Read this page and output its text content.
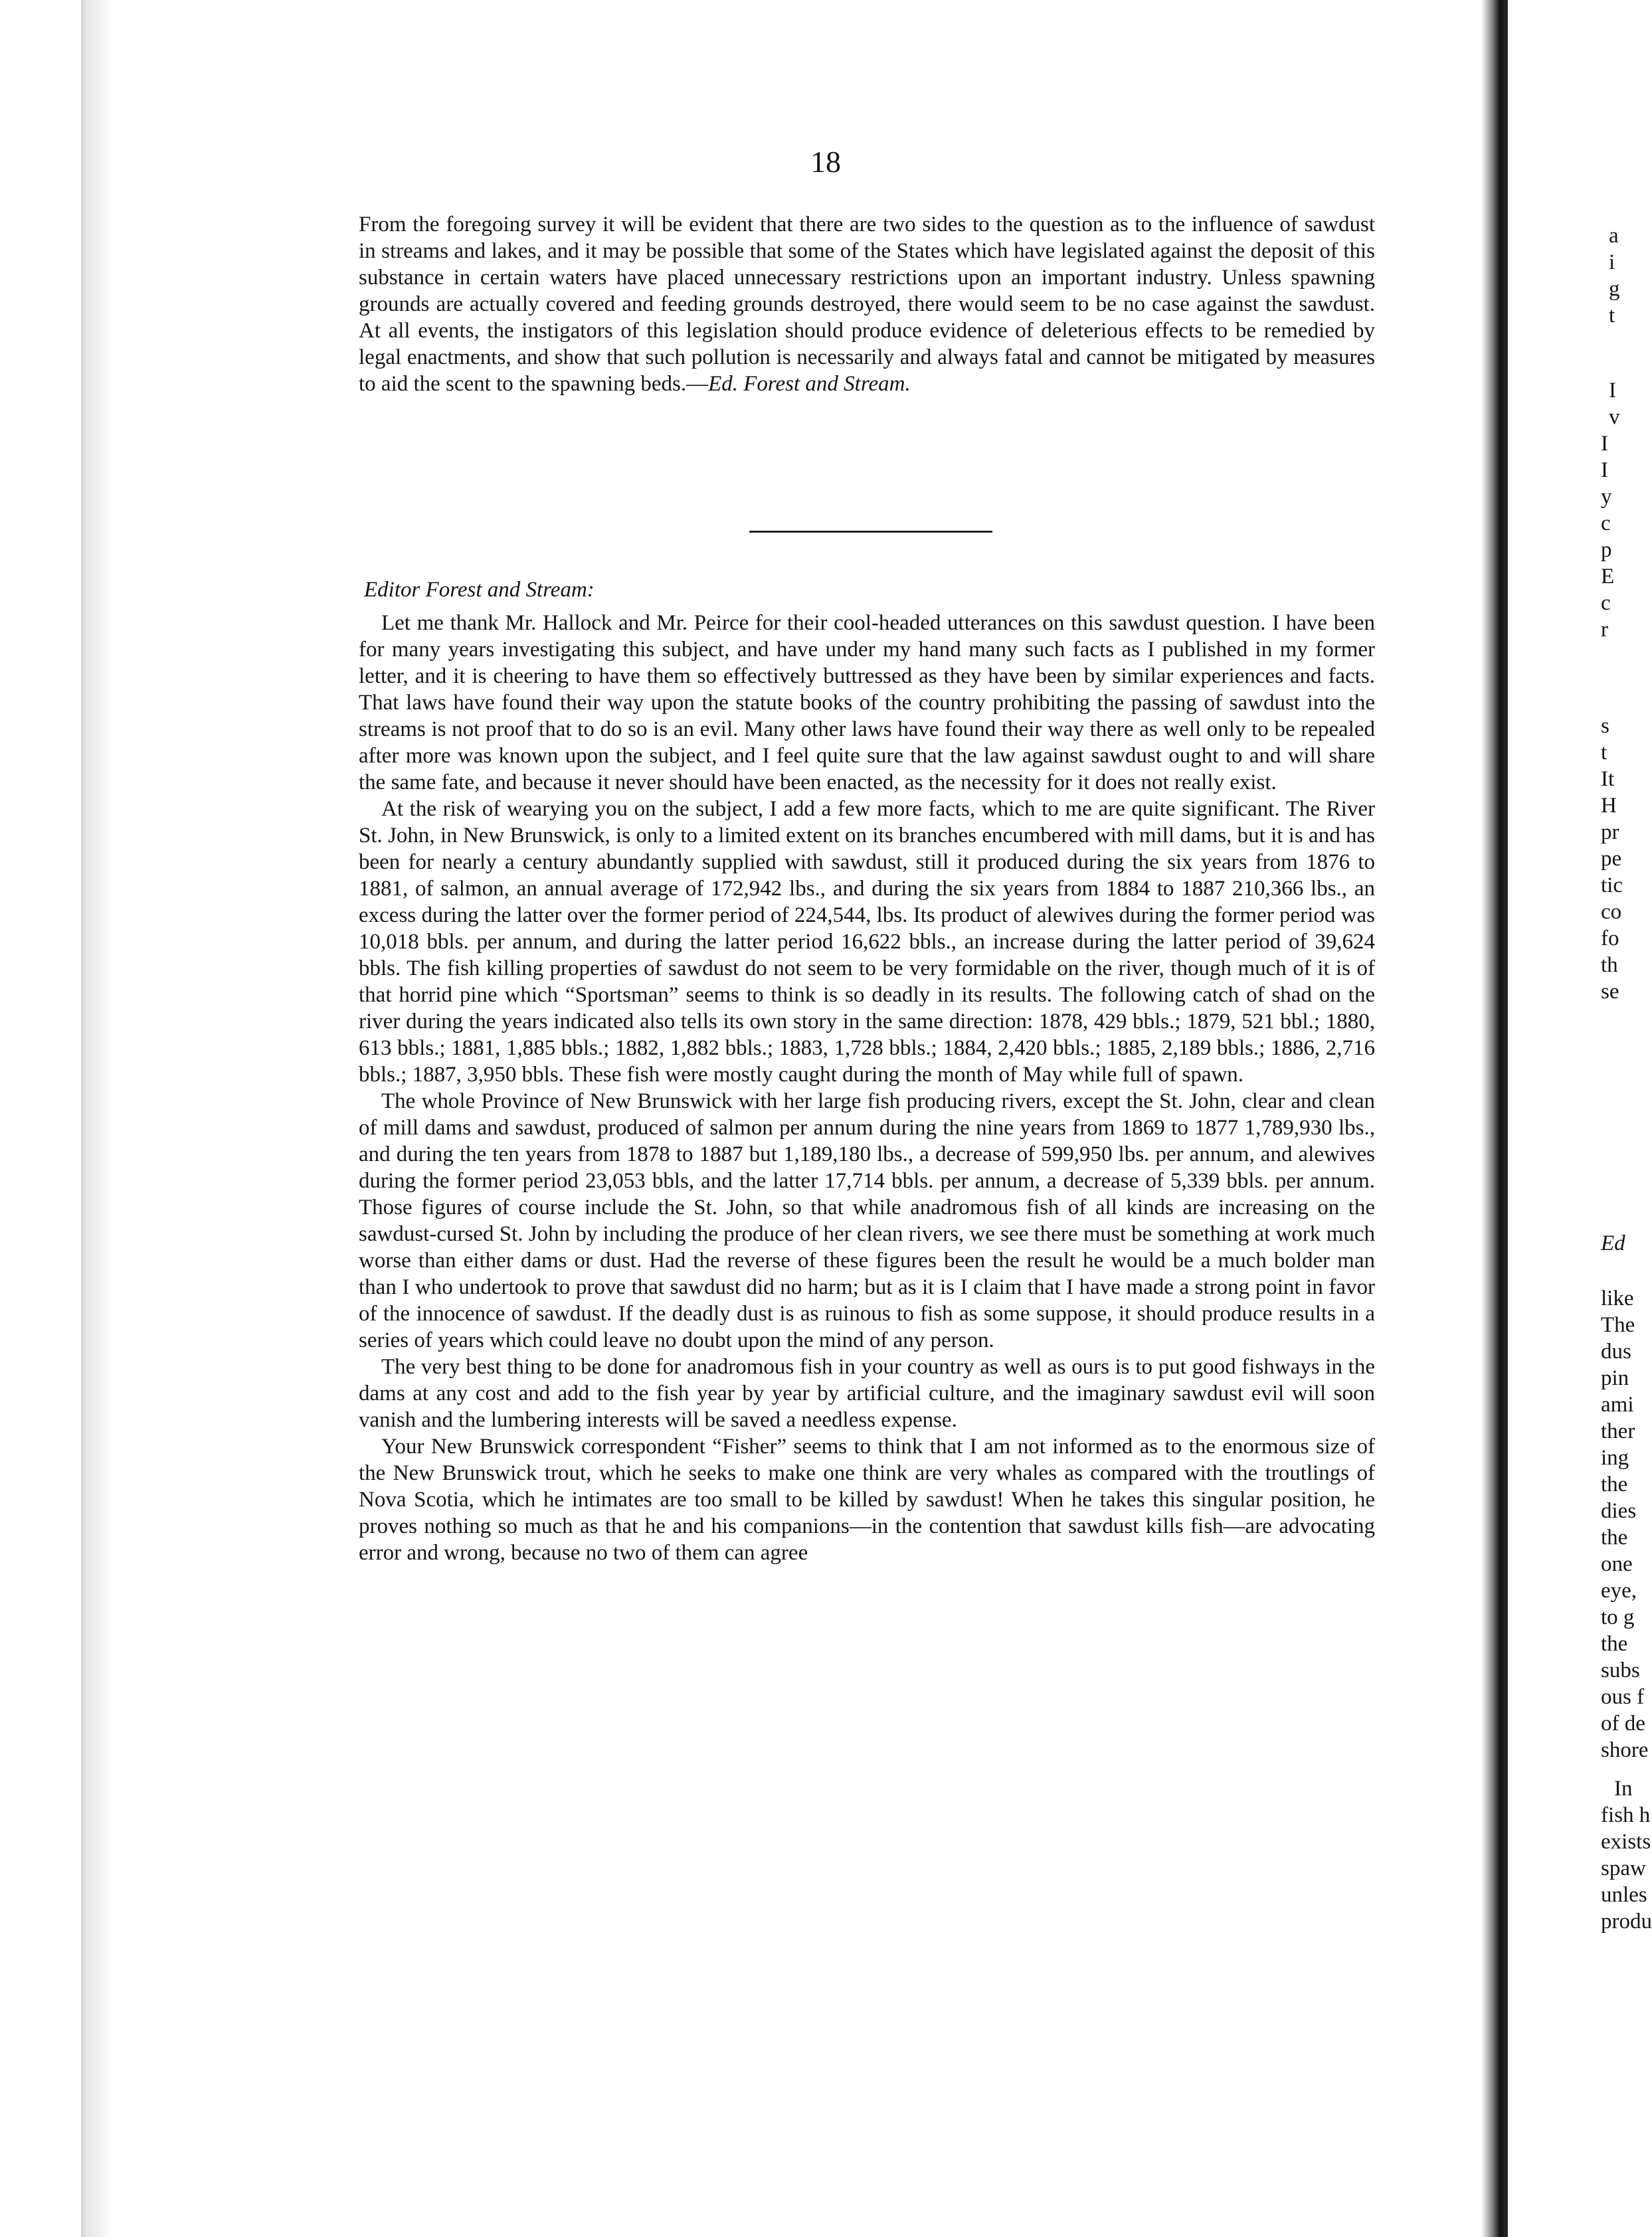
18

From the foregoing survey it will be evident that there are two sides to the question as to the influence of sawdust in streams and lakes, and it may be possible that some of the States which have legislated against the deposit of this substance in certain waters have placed unnecessary restrictions upon an important industry. Unless spawning grounds are actually covered and feeding grounds destroyed, there would seem to be no case against the sawdust. At all events, the instigators of this legislation should produce evidence of deleterious effects to be remedied by legal enactments, and show that such pollution is necessarily and always fatal and cannot be mitigated by measures to aid the scent to the spawning beds.—Ed. Forest and Stream.

Editor Forest and Stream:

Let me thank Mr. Hallock and Mr. Peirce for their cool-headed utterances on this sawdust question. I have been for many years investigating this subject, and have under my hand many such facts as I published in my former letter, and it is cheering to have them so effectively buttressed as they have been by similar experiences and facts. That laws have found their way upon the statute books of the country prohibiting the passing of sawdust into the streams is not proof that to do so is an evil. Many other laws have found their way there as well only to be repealed after more was known upon the subject, and I feel quite sure that the law against sawdust ought to and will share the same fate, and because it never should have been enacted, as the necessity for it does not really exist.

At the risk of wearying you on the subject, I add a few more facts, which to me are quite significant. The River St. John, in New Brunswick, is only to a limited extent on its branches encumbered with mill dams, but it is and has been for nearly a century abundantly supplied with sawdust, still it produced during the six years from 1876 to 1881, of salmon, an annual average of 172,942 lbs., and during the six years from 1884 to 1887 210,366 lbs., an excess during the latter over the former period of 224,544, lbs. Its product of alewives during the former period was 10,018 bbls. per annum, and during the latter period 16,622 bbls., an increase during the latter period of 39,624 bbls. The fish killing properties of sawdust do not seem to be very formidable on the river, though much of it is of that horrid pine which “Sportsman” seems to think is so deadly in its results. The following catch of shad on the river during the years indicated also tells its own story in the same direction: 1878, 429 bbls.; 1879, 521 bbl.; 1880, 613 bbls.; 1881, 1,885 bbls.; 1882, 1,882 bbls.; 1883, 1,728 bbls.; 1884, 2,420 bbls.; 1885, 2,189 bbls.; 1886, 2,716 bbls.; 1887, 3,950 bbls. These fish were mostly caught during the month of May while full of spawn.

The whole Province of New Brunswick with her large fish producing rivers, except the St. John, clear and clean of mill dams and sawdust, produced of salmon per annum during the nine years from 1869 to 1877 1,789,930 lbs., and during the ten years from 1878 to 1887 but 1,189,180 lbs., a decrease of 599,950 lbs. per annum, and alewives during the former period 23,053 bbls, and the latter 17,714 bbls. per annum, a decrease of 5,339 bbls. per annum. Those figures of course include the St. John, so that while anadromous fish of all kinds are increasing on the sawdust-cursed St. John by including the produce of her clean rivers, we see there must be something at work much worse than either dams or dust. Had the reverse of these figures been the result he would be a much bolder man than I who undertook to prove that sawdust did no harm; but as it is I claim that I have made a strong point in favor of the innocence of sawdust. If the deadly dust is as ruinous to fish as some suppose, it should produce results in a series of years which could leave no doubt upon the mind of any person.

The very best thing to be done for anadromous fish in your country as well as ours is to put good fishways in the dams at any cost and add to the fish year by year by artificial culture, and the imaginary sawdust evil will soon vanish and the lumbering interests will be saved a needless expense.

Your New Brunswick correspondent “Fisher” seems to think that I am not informed as to the enormous size of the New Brunswick trout, which he seeks to make one think are very whales as compared with the troutlings of Nova Scotia, which he intimates are too small to be killed by sawdust! When he takes this singular position, he proves nothing so much as that he and his companions—in the contention that sawdust kills fish—are advocating error and wrong, because no two of them can agree

a
i
g
t
I
v
I
I
y
c
p
E
c
r
s
t
It
H
pr
pe
tic
co
fo
th
se
Ed
like
The
dus
pin
ami
ther
ing
the
dies
the
one
eye,
to g
the
subs
ous f
of de
shore
In
fish h
exists
spaw
unles
produ
